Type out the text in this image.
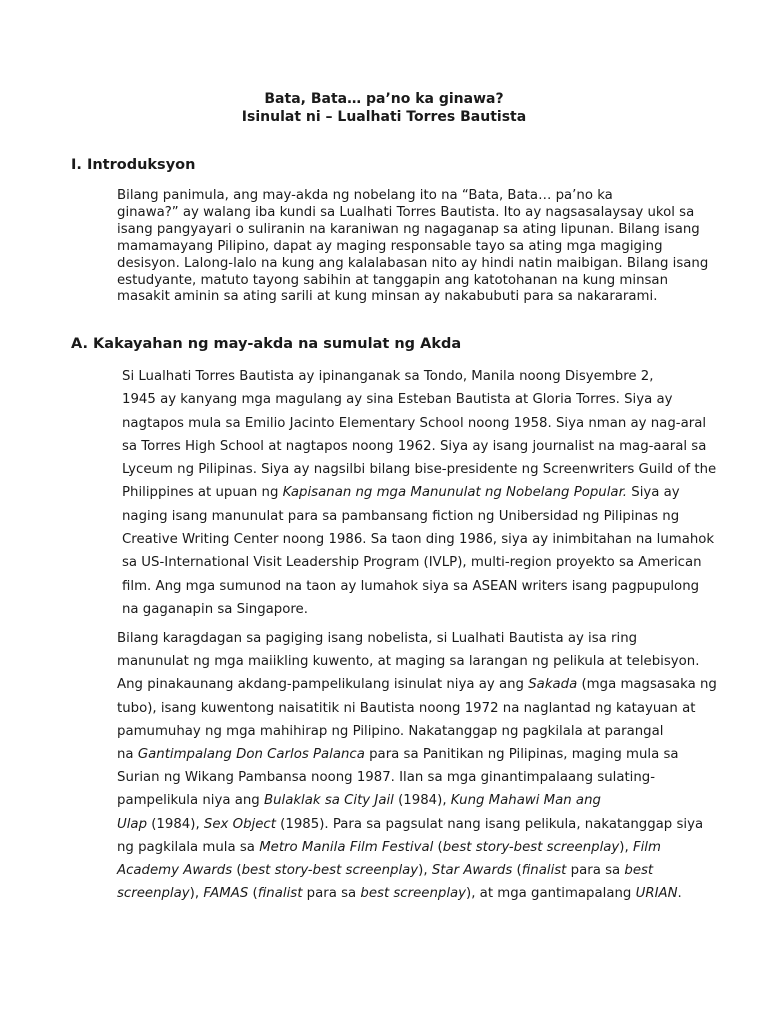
Bata, Bata… pa’no ka ginawa?
Isinulat ni – Lualhati Torres Bautista
I. Introduksyon

Bilang panimula, ang may-akda ng nobelang ito na “Bata, Bata… pa’no ka
ginawa?” ay walang iba kundi sa Lualhati Torres Bautista. Ito ay nagsasalaysay ukol sa
isang pangyayari o suliranin na karaniwan ng nagaganap sa ating lipunan. Bilang isang
mamamayang Pilipino, dapat ay maging responsable tayo sa ating mga magiging
desisyon. Lalong-lalo na kung ang kalalabasan nito ay hindi natin maibigan. Bilang isang
estudyante, matuto tayong sabihin at tanggapin ang katotohanan na kung minsan
masakit aminin sa ating sarili at kung minsan ay nakabubuti para sa nakararami.

A. Kakayahan ng may-akda na sumulat ng Akda

Si Lualhati Torres Bautista ay ipinanganak sa Tondo, Manila noong Disyembre 2,
1945 ay kanyang mga magulang ay sina Esteban Bautista at Gloria Torres. Siya ay
nagtapos mula sa Emilio Jacinto Elementary School noong 1958. Siya nman ay nag-aral
sa Torres High School at nagtapos noong 1962. Siya ay isang journalist na mag-aaral sa
Lyceum ng Pilipinas. Siya ay nagsilbi bilang bise-presidente ng Screenwriters Guild of the
Philippines at upuan ng Kapisanan ng mga Manunulat ng Nobelang Popular. Siya ay
naging isang manunulat para sa pambansang fiction ng Unibersidad ng Pilipinas ng
Creative Writing Center noong 1986. Sa taon ding 1986, siya ay inimbitahan na lumahok
sa US-International Visit Leadership Program (IVLP), multi-region proyekto sa American
film. Ang mga sumunod na taon ay lumahok siya sa ASEAN writers isang pagpupulong
na gaganapin sa Singapore.

Bilang karagdagan sa pagiging isang nobelista, si Lualhati Bautista ay isa ring
manunulat ng mga maiikling kuwento, at maging sa larangan ng pelikula at telebisyon.
Ang pinakaunang akdang-pampelikulang isinulat niya ay ang Sakada (mga magsasaka ng
tubo), isang kuwentong naisatitik ni Bautista noong 1972 na naglantad ng katayuan at
pamumuhay ng mga mahihirap ng Pilipino. Nakatanggap ng pagkilala at parangal
na Gantimpalang Don Carlos Palanca para sa Panitikan ng Pilipinas, maging mula sa
Surian ng Wikang Pambansa noong 1987. Ilan sa mga ginantimpalaang sulating-
pampelikula niya ang Bulaklak sa City Jail (1984), Kung Mahawi Man ang
Ulap (1984), Sex Object (1985). Para sa pagsulat nang isang pelikula, nakatanggap siya
ng pagkilala mula sa Metro Manila Film Festival (best story-best screenplay), Film
Academy Awards (best story-best screenplay), Star Awards (finalist para sa best
screenplay), FAMAS (finalist para sa best screenplay), at mga gantimapalang URIAN.
